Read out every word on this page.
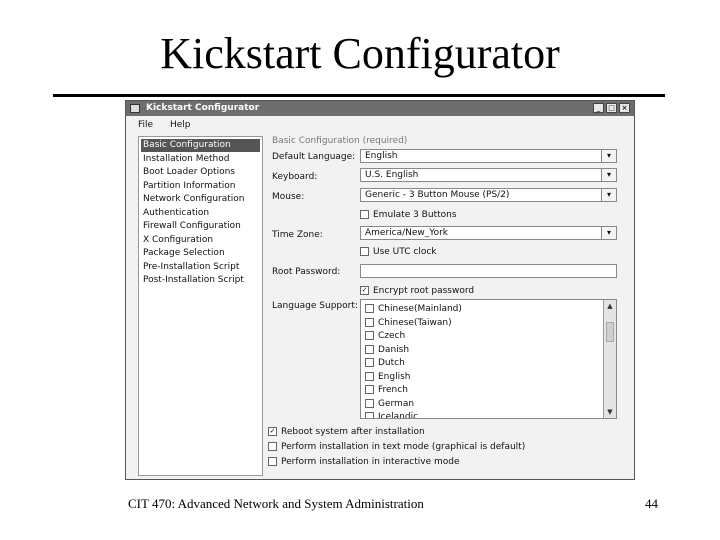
Kickstart Configurator
Kickstart Configurator	_	□ ×
File Help
Basic Configuration
Installation Method
Boot Loader Options
Partition Information
Network Configuration
Authentication
Firewall Configuration
X Configuration
Package Selection
Pre-Installation Script
Post-Installation Script
Basic Configuration (required)
Default Language:	English	▾
Keyboard:	U.S. English	▾
Mouse:	Generic - 3 Button Mouse (PS/2)	▾
Emulate 3 Buttons
Time Zone:	America/New_York	▾
Use UTC clock
Root Password:
✓ Encrypt root password
Language Support:	Chinese(Mainland)
Chinese(Taiwan)
Czech
Danish
Dutch
English
French
German
Icelandic
▲
▼
✓ Reboot system after installation
Perform installation in text mode (graphical is default)
Perform installation in interactive mode
CIT 470: Advanced Network and System Administration	44
